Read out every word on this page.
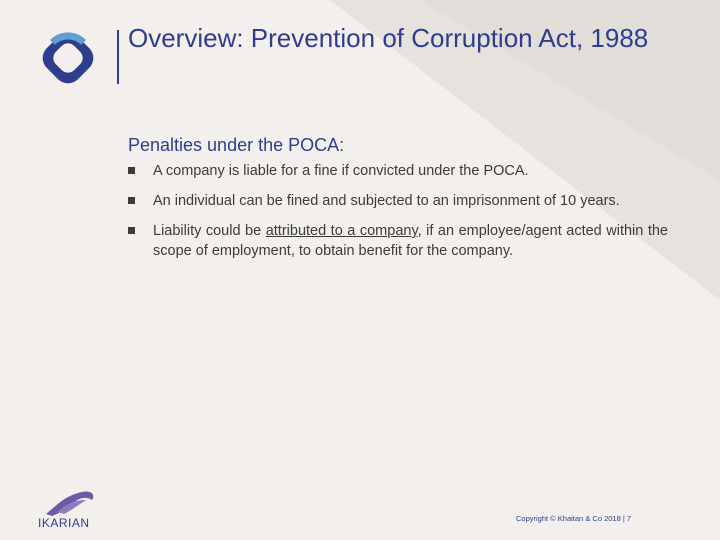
Overview: Prevention of Corruption Act, 1988
Penalties under the POCA:
A company is liable for a fine if convicted under the POCA.
An individual can be fined and subjected to an imprisonment of 10 years.
Liability could be attributed to a company, if an employee/agent acted within the scope of employment, to obtain benefit for the company.
IKARIAN	Copyright © Khaitan & Co 2018 | 7
